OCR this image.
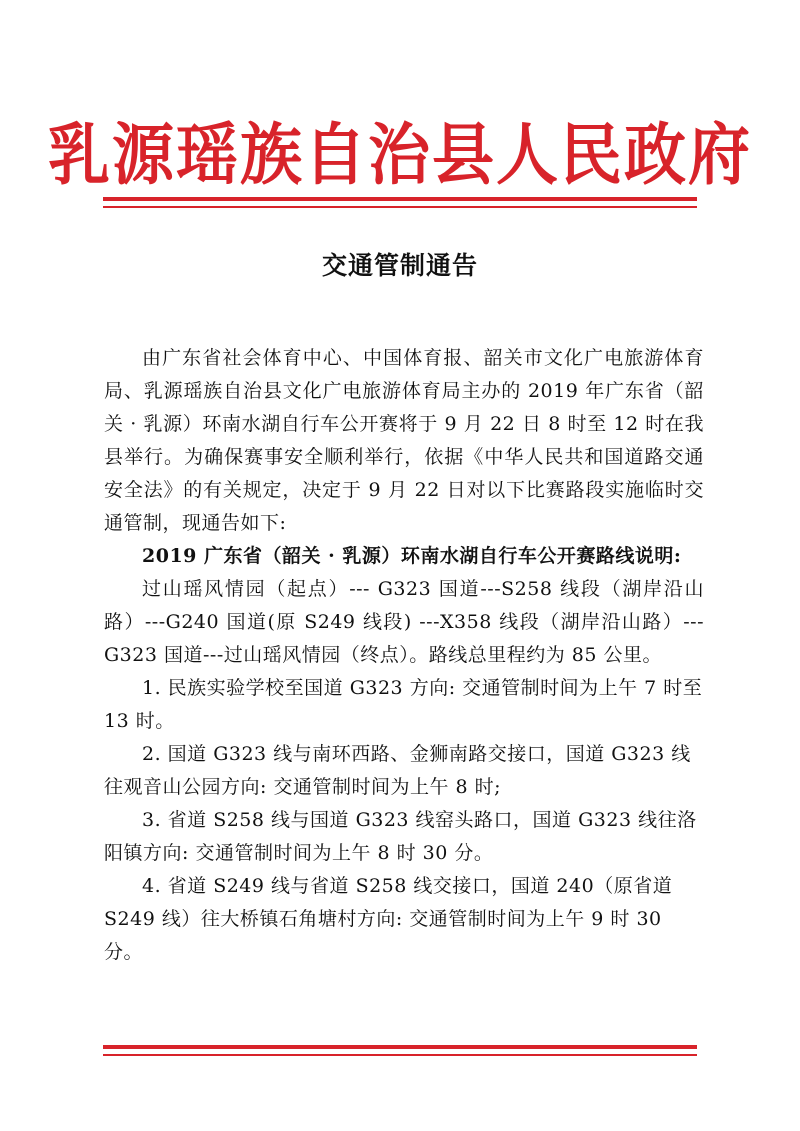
乳源瑶族自治县人民政府
交通管制通告

由广东省社会体育中心、中国体育报、韶关市文化广电旅游体育局、乳源瑶族自治县文化广电旅游体育局主办的 2019 年广东省（韶关 · 乳源）环南水湖自行车公开赛将于 9 月 22 日 8 时至 12 时在我县举行。为确保赛事安全顺利举行，依据《中华人民共和国道路交通安全法》的有关规定，决定于 9 月 22 日对以下比赛路段实施临时交通管制，现通告如下:

2019 广东省（韶关 · 乳源）环南水湖自行车公开赛路线说明:

过山瑶风情园（起点）--- G323 国道---S258 线段（湖岸沿山路）---G240 国道(原 S249 线段) ---X358 线段（湖岸沿山路）---G323 国道---过山瑶风情园（终点）。路线总里程约为 85 公里。

1. 民族实验学校至国道 G323 方向: 交通管制时间为上午 7 时至 13 时。

2. 国道 G323 线与南环西路、金狮南路交接口，国道 G323 线往观音山公园方向: 交通管制时间为上午 8 时;

3. 省道 S258 线与国道 G323 线窑头路口，国道 G323 线往洛阳镇方向: 交通管制时间为上午 8 时 30 分。

4. 省道 S249 线与省道 S258 线交接口，国道 240（原省道 S249 线）往大桥镇石角塘村方向: 交通管制时间为上午 9 时 30 分。
